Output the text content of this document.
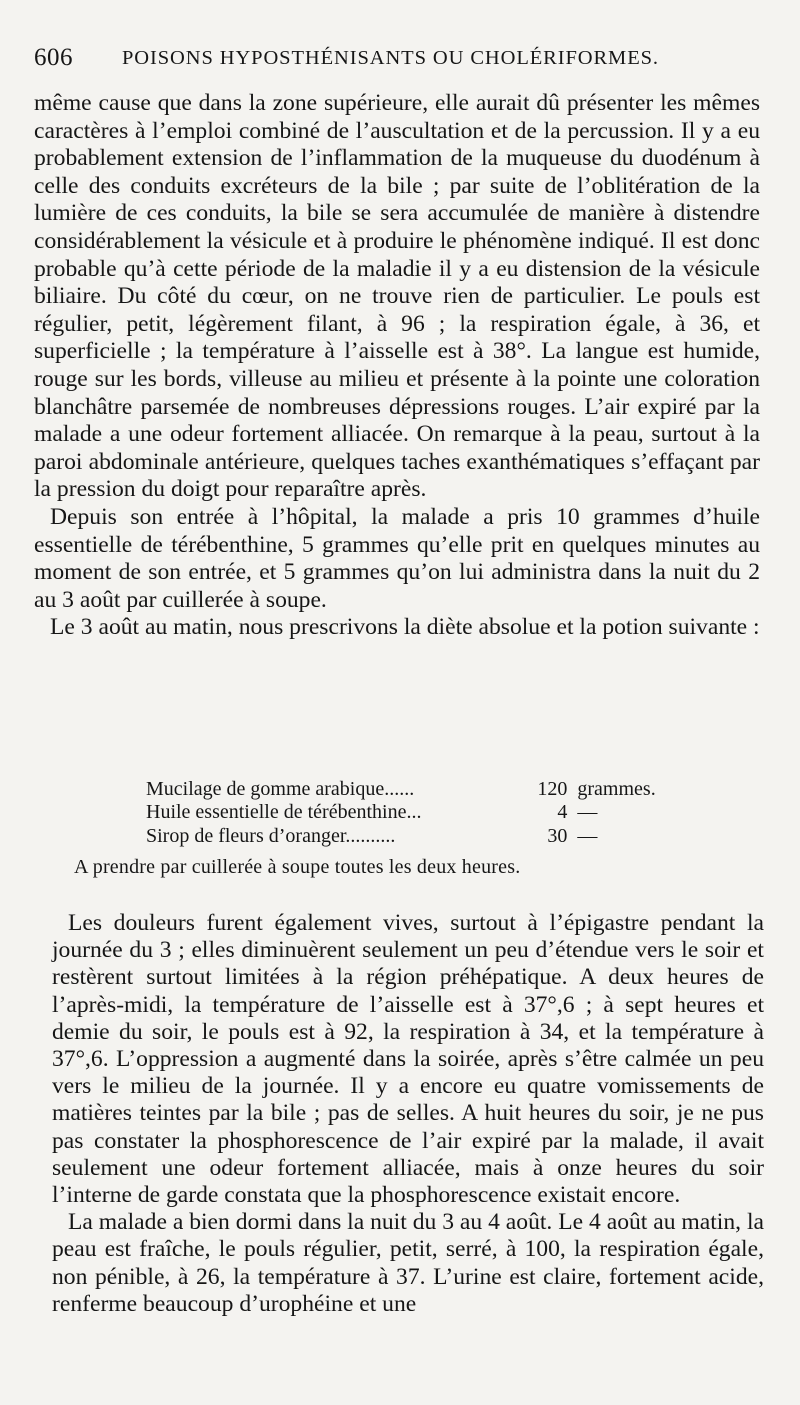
606 POISONS HYPOSTHÉNISANTS OU CHOLÉRIFORMES.

même cause que dans la zone supérieure, elle aurait dû présenter les mêmes caractères à l’emploi combiné de l’auscultation et de la percussion. Il y a eu probablement extension de l’inflammation de la muqueuse du duodénum à celle des conduits excréteurs de la bile ; par suite de l’oblitération de la lumière de ces conduits, la bile se sera accumulée de manière à distendre considérablement la vésicule et à produire le phénomène indiqué. Il est donc probable qu’à cette période de la maladie il y a eu distension de la vésicule biliaire. Du côté du cœur, on ne trouve rien de particulier. Le pouls est régulier, petit, légèrement filant, à 96 ; la respiration égale, à 36, et superficielle ; la température à l’aisselle est à 38°. La langue est humide, rouge sur les bords, villeuse au milieu et présente à la pointe une coloration blanchâtre parsemée de nombreuses dépressions rouges. L’air expiré par la malade a une odeur fortement alliacée. On remarque à la peau, surtout à la paroi abdominale antérieure, quelques taches exanthématiques s’effaçant par la pression du doigt pour reparaître après.

Depuis son entrée à l’hôpital, la malade a pris 10 grammes d’huile essentielle de térébenthine, 5 grammes qu’elle prit en quelques minutes au moment de son entrée, et 5 grammes qu’on lui administra dans la nuit du 2 au 3 août par cuillerée à soupe.

Le 3 août au matin, nous prescrivons la diète absolue et la potion suivante :

Mucilage de gomme arabique......	120 grammes.
Huile essentielle de térébenthine...	4 —
Sirop de fleurs d’oranger..........	30 —
A prendre par cuillerée à soupe toutes les deux heures.

Les douleurs furent également vives, surtout à l’épigastre pendant la journée du 3 ; elles diminuèrent seulement un peu d’étendue vers le soir et restèrent surtout limitées à la région préhépatique. A deux heures de l’après-midi, la température de l’aisselle est à 37°,6 ; à sept heures et demie du soir, le pouls est à 92, la respiration à 34, et la température à 37°,6. L’oppression a augmenté dans la soirée, après s’être calmée un peu vers le milieu de la journée. Il y a encore eu quatre vomissements de matières teintes par la bile ; pas de selles. A huit heures du soir, je ne pus pas constater la phosphorescence de l’air expiré par la malade, il avait seulement une odeur fortement alliacée, mais à onze heures du soir l’interne de garde constata que la phosphorescence existait encore.

La malade a bien dormi dans la nuit du 3 au 4 août. Le 4 août au matin, la peau est fraîche, le pouls régulier, petit, serré, à 100, la respiration égale, non pénible, à 26, la température à 37. L’urine est claire, fortement acide, renferme beaucoup d’urophéine et une
